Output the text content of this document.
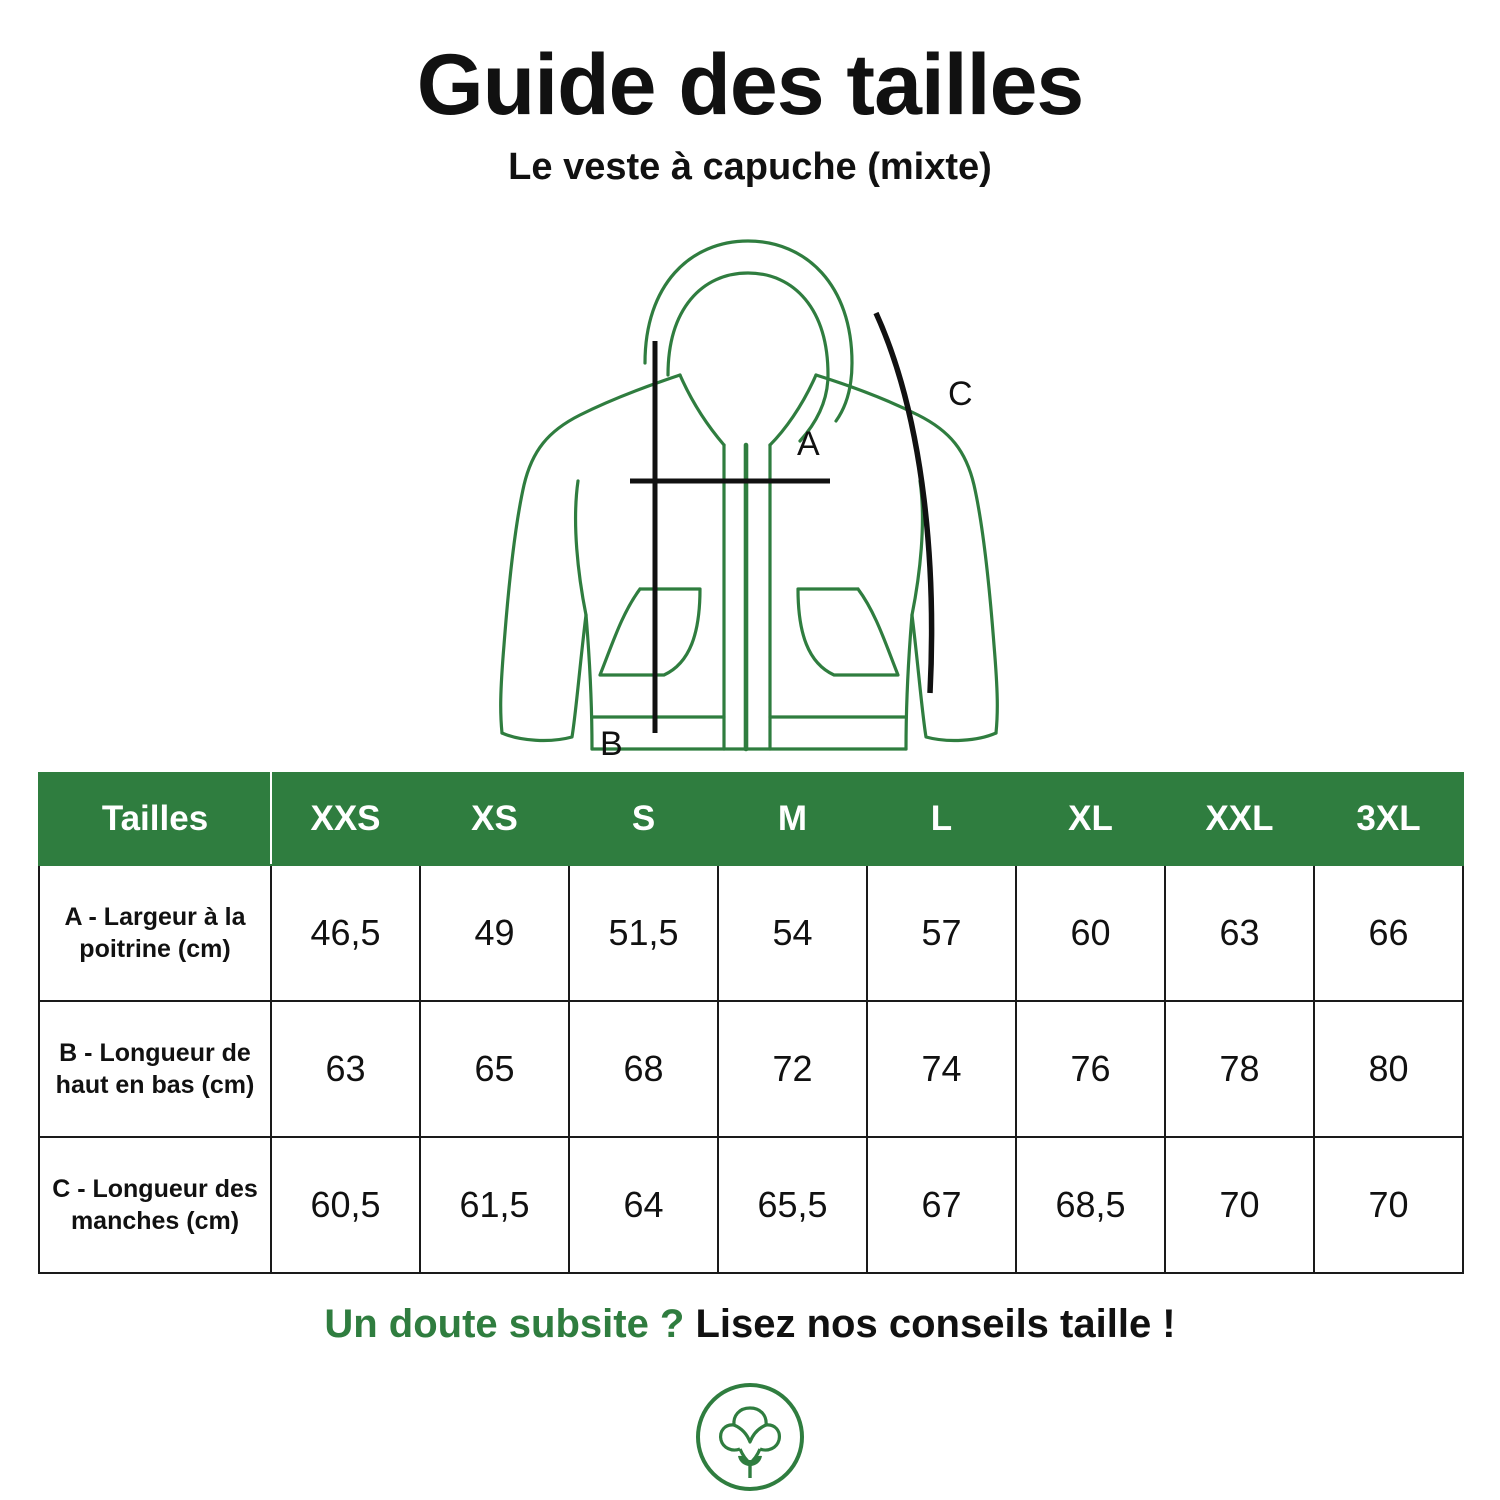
Guide des tailles
Le veste à capuche (mixte)
A
B
C
Tailles	XXS	XS	S	M	L	XL	XXL	3XL
A - Largeur à la poitrine (cm)	46,5	49	51,5	54	57	60	63	66
B - Longueur de haut en bas (cm)	63	65	68	72	74	76	78	80
C - Longueur des manches (cm)	60,5	61,5	64	65,5	67	68,5	70	70
Un doute subsite ? Lisez nos conseils taille !
